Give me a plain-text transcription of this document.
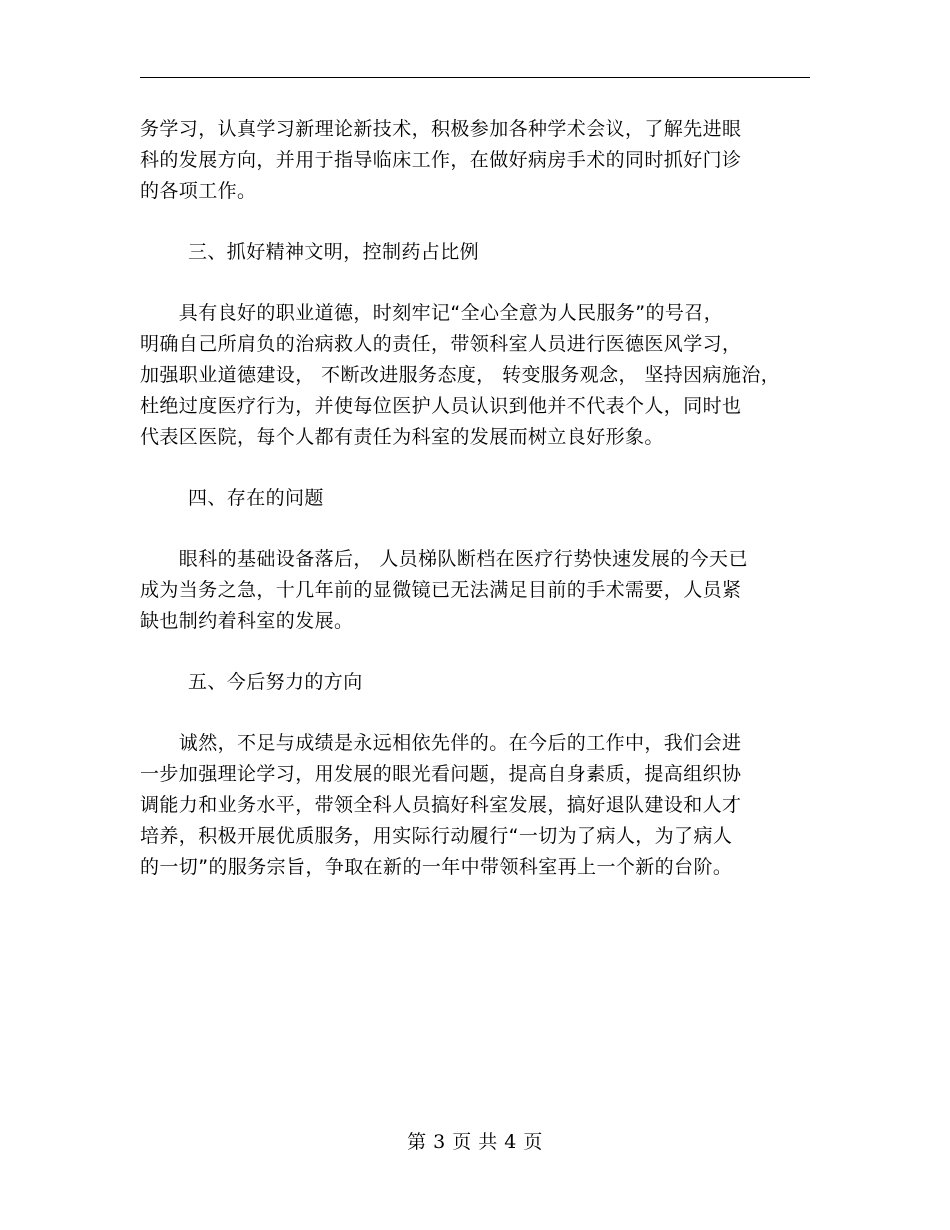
务学习，认真学习新理论新技术，积极参加各种学术会议，了解先进眼
科的发展方向，并用于指导临床工作，在做好病房手术的同时抓好门诊
的各项工作。

三、抓好精神文明，控制药占比例

　　具有良好的职业道德，时刻牢记“全心全意为人民服务”的号召，
明确自己所肩负的治病救人的责任，带领科室人员进行医德医风学习，
加强职业道德建设， 不断改进服务态度， 转变服务观念， 坚持因病施治，
杜绝过度医疗行为，并使每位医护人员认识到他并不代表个人，同时也
代表区医院，每个人都有责任为科室的发展而树立良好形象。

四、存在的问题

　　眼科的基础设备落后， 人员梯队断档在医疗行势快速发展的今天已
成为当务之急，十几年前的显微镜已无法满足目前的手术需要，人员紧
缺也制约着科室的发展。

五、今后努力的方向

　　诚然，不足与成绩是永远相依先伴的。在今后的工作中，我们会进
一步加强理论学习，用发展的眼光看问题，提高自身素质，提高组织协
调能力和业务水平，带领全科人员搞好科室发展，搞好退队建设和人才
培养，积极开展优质服务，用实际行动履行“一切为了病人，为了病人
的一切”的服务宗旨，争取在新的一年中带领科室再上一个新的台阶。

第 3 页 共 4 页
